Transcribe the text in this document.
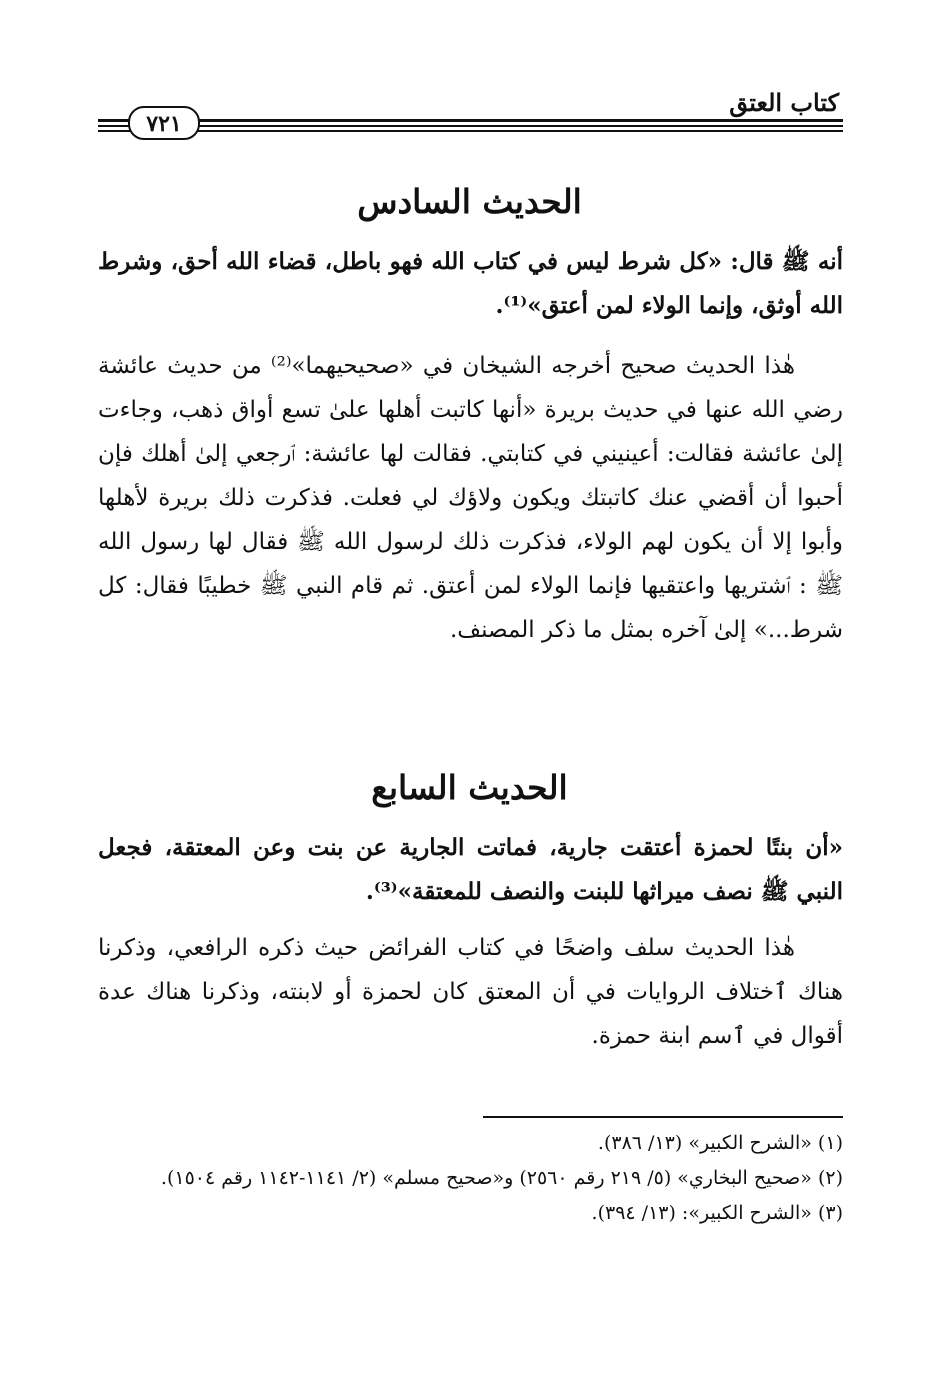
كتاب العتق
٧٢١
الحديث السادس
أنه ﷺ قال: «كل شرط ليس في كتاب الله فهو باطل، قضاء الله أحق، وشرط الله أوثق، وإنما الولاء لمن أعتق»⁽¹⁾.
هٰذا الحديث صحيح أخرجه الشيخان في «صحيحيهما»⁽²⁾ من حديث عائشة رضي الله عنها في حديث بريرة «أنها كاتبت أهلها علىٰ تسع أواق ذهب، وجاءت إلىٰ عائشة فقالت: أعينيني في كتابتي. فقالت لها عائشة: ٱرجعي إلىٰ أهلك فإن أحبوا أن أقضي عنك كاتبتك ويكون ولاؤك لي فعلت. فذكرت ذلك بريرة لأهلها وأبوا إلا أن يكون لهم الولاء، فذكرت ذلك لرسول الله ﷺ فقال لها رسول الله ﷺ : ٱشتريها واعتقيها فإنما الولاء لمن أعتق. ثم قام النبي ﷺ خطيبًا فقال: كل شرط...» إلىٰ آخره بمثل ما ذكر المصنف.
الحديث السابع
«أن بنتًا لحمزة أعتقت جارية، فماتت الجارية عن بنت وعن المعتقة، فجعل النبي ﷺ نصف ميراثها للبنت والنصف للمعتقة»⁽³⁾.
هٰذا الحديث سلف واضحًا في كتاب الفرائض حيث ذكره الرافعي، وذكرنا هناك ٱختلاف الروايات في أن المعتق كان لحمزة أو لابنته، وذكرنا هناك عدة أقوال في ٱسم ابنة حمزة.
(١) «الشرح الكبير» (١٣/ ٣٨٦).
(٢) «صحيح البخاري» (٥/ ٢١٩ رقم ٢٥٦٠) و«صحيح مسلم» (٢/ ١١٤١-١١٤٢ رقم ١٥٠٤).
(٣) «الشرح الكبير»: (١٣/ ٣٩٤).
